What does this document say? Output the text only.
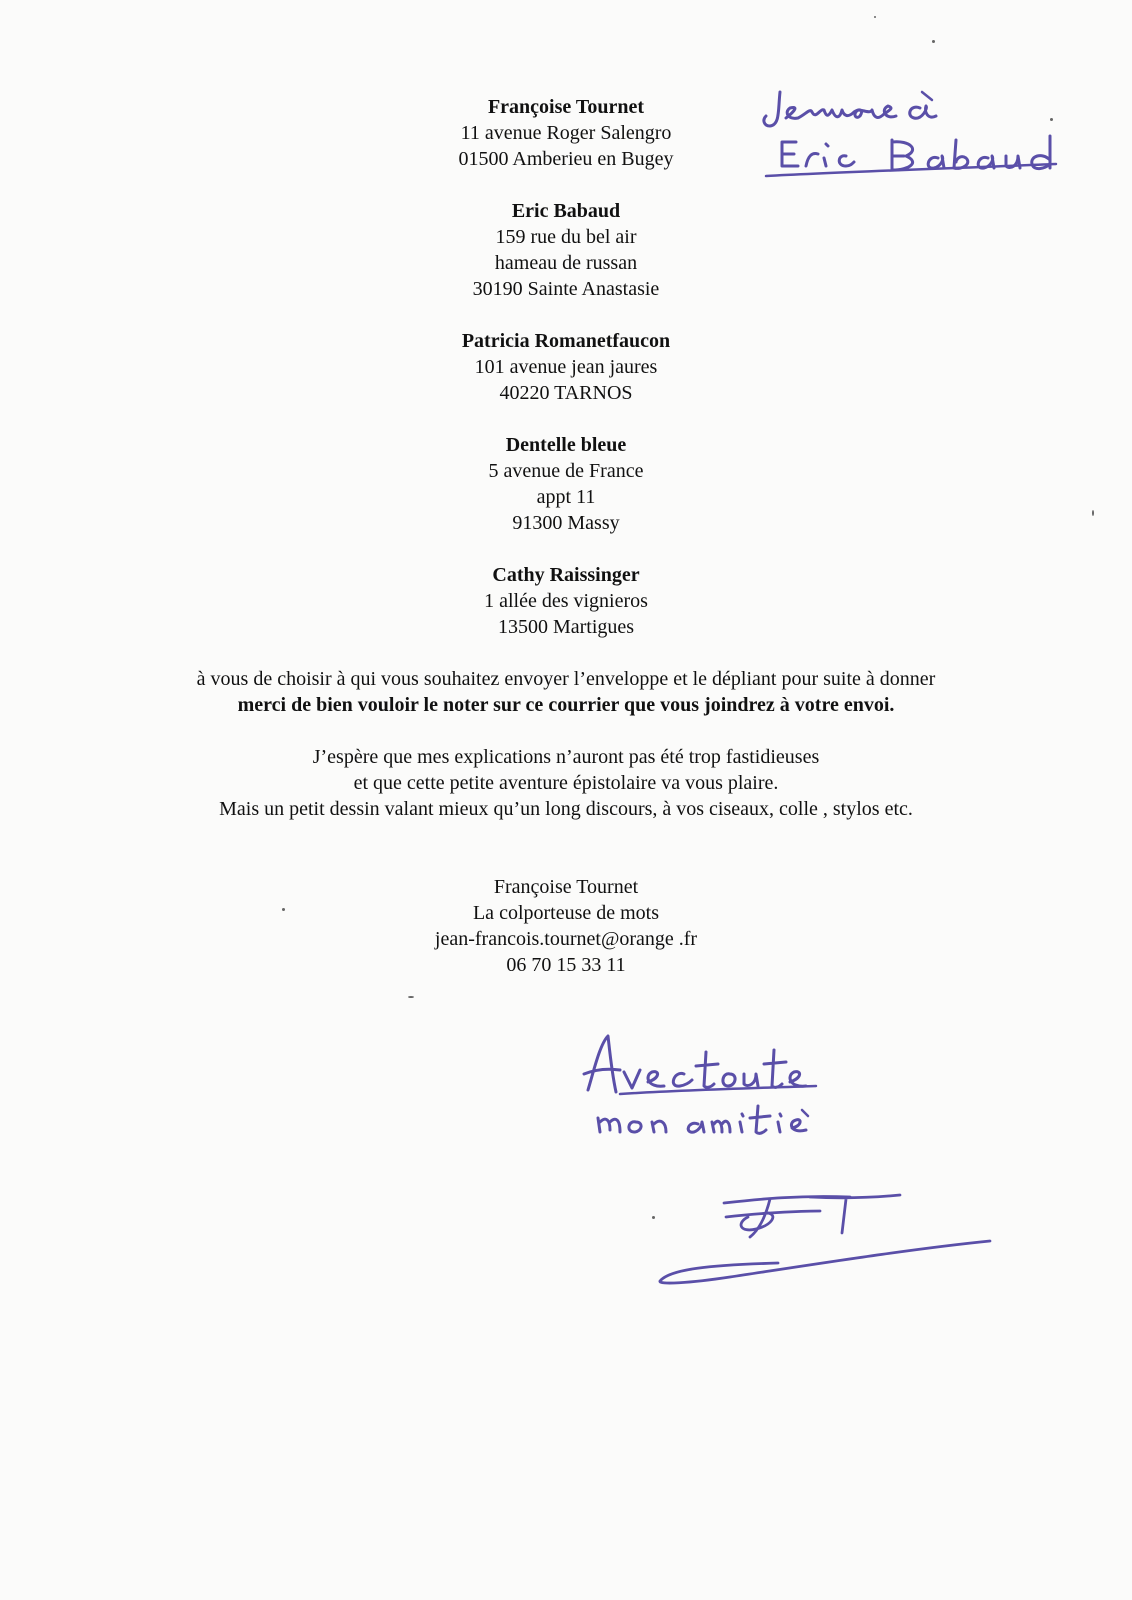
Françoise Tournet
11 avenue Roger Salengro
01500 Amberieu en Bugey
Eric Babaud
159 rue du bel air
hameau de russan
30190 Sainte Anastasie
Patricia Romanetfaucon
101 avenue jean jaures
40220 TARNOS
Dentelle bleue
5 avenue de France
appt 11
91300 Massy
Cathy Raissinger
1 allée des vignieros
13500 Martigues
à vous de choisir à qui vous souhaitez envoyer l’enveloppe et le dépliant pour suite à donner
merci de bien vouloir le noter sur ce courrier que vous joindrez à votre envoi.
J’espère que mes explications n’auront pas été trop fastidieuses
et que cette petite aventure épistolaire va vous plaire.
Mais un petit dessin valant mieux qu’un long discours, à vos ciseaux, colle , stylos etc.
Françoise Tournet
La colporteuse de mots
jean-francois.tournet@orange .fr
06 70 15 33 11
